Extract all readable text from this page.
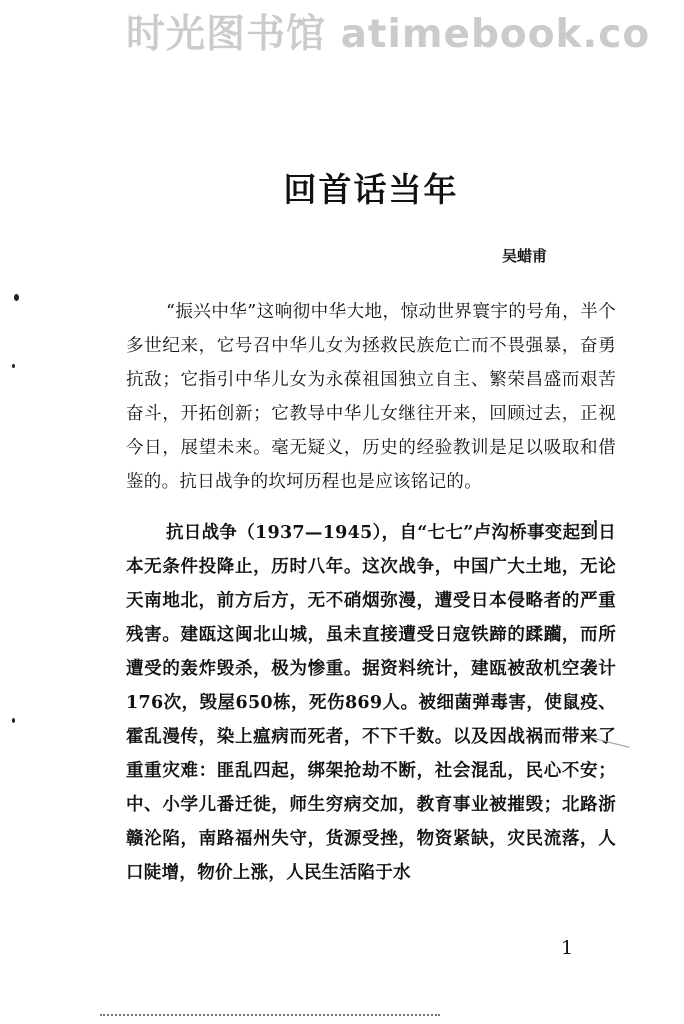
时光图书馆 atimebook.co
回首话当年
吴蜡甫

“振兴中华”这响彻中华大地，惊动世界寰宇的号角，半个多世纪来，它号召中华儿女为拯救民族危亡而不畏强暴，奋勇抗敌；它指引中华儿女为永葆祖国独立自主、繁荣昌盛而艰苦奋斗，开拓创新；它教导中华儿女继往开来，回顾过去，正视今日，展望未来。毫无疑义，历史的经验教训是足以吸取和借鉴的。抗日战争的坎坷历程也是应该铭记的。

抗日战争（1937—1945），自“七七”卢沟桥事变起到日本无条件投降止，历时八年。这次战争，中国广大土地，无论天南地北，前方后方，无不硝烟弥漫，遭受日本侵略者的严重残害。建瓯这闽北山城，虽未直接遭受日寇铁蹄的蹂躏，而所遭受的轰炸毁杀，极为惨重。据资料统计，建瓯被敌机空袭计176次，毁屋650栋，死伤869人。被细菌弹毒害，使鼠疫、霍乱漫传，染上瘟病而死者，不下千数。以及因战祸而带来了重重灾难：匪乱四起，绑架抢劫不断，社会混乱，民心不安；中、小学儿番迁徙，师生穷病交加，教育事业被摧毁；北路浙赣沦陷，南路福州失守，货源受挫，物资紧缺，灾民流落，人口陡增，物价上涨，人民生活陷于水

1
